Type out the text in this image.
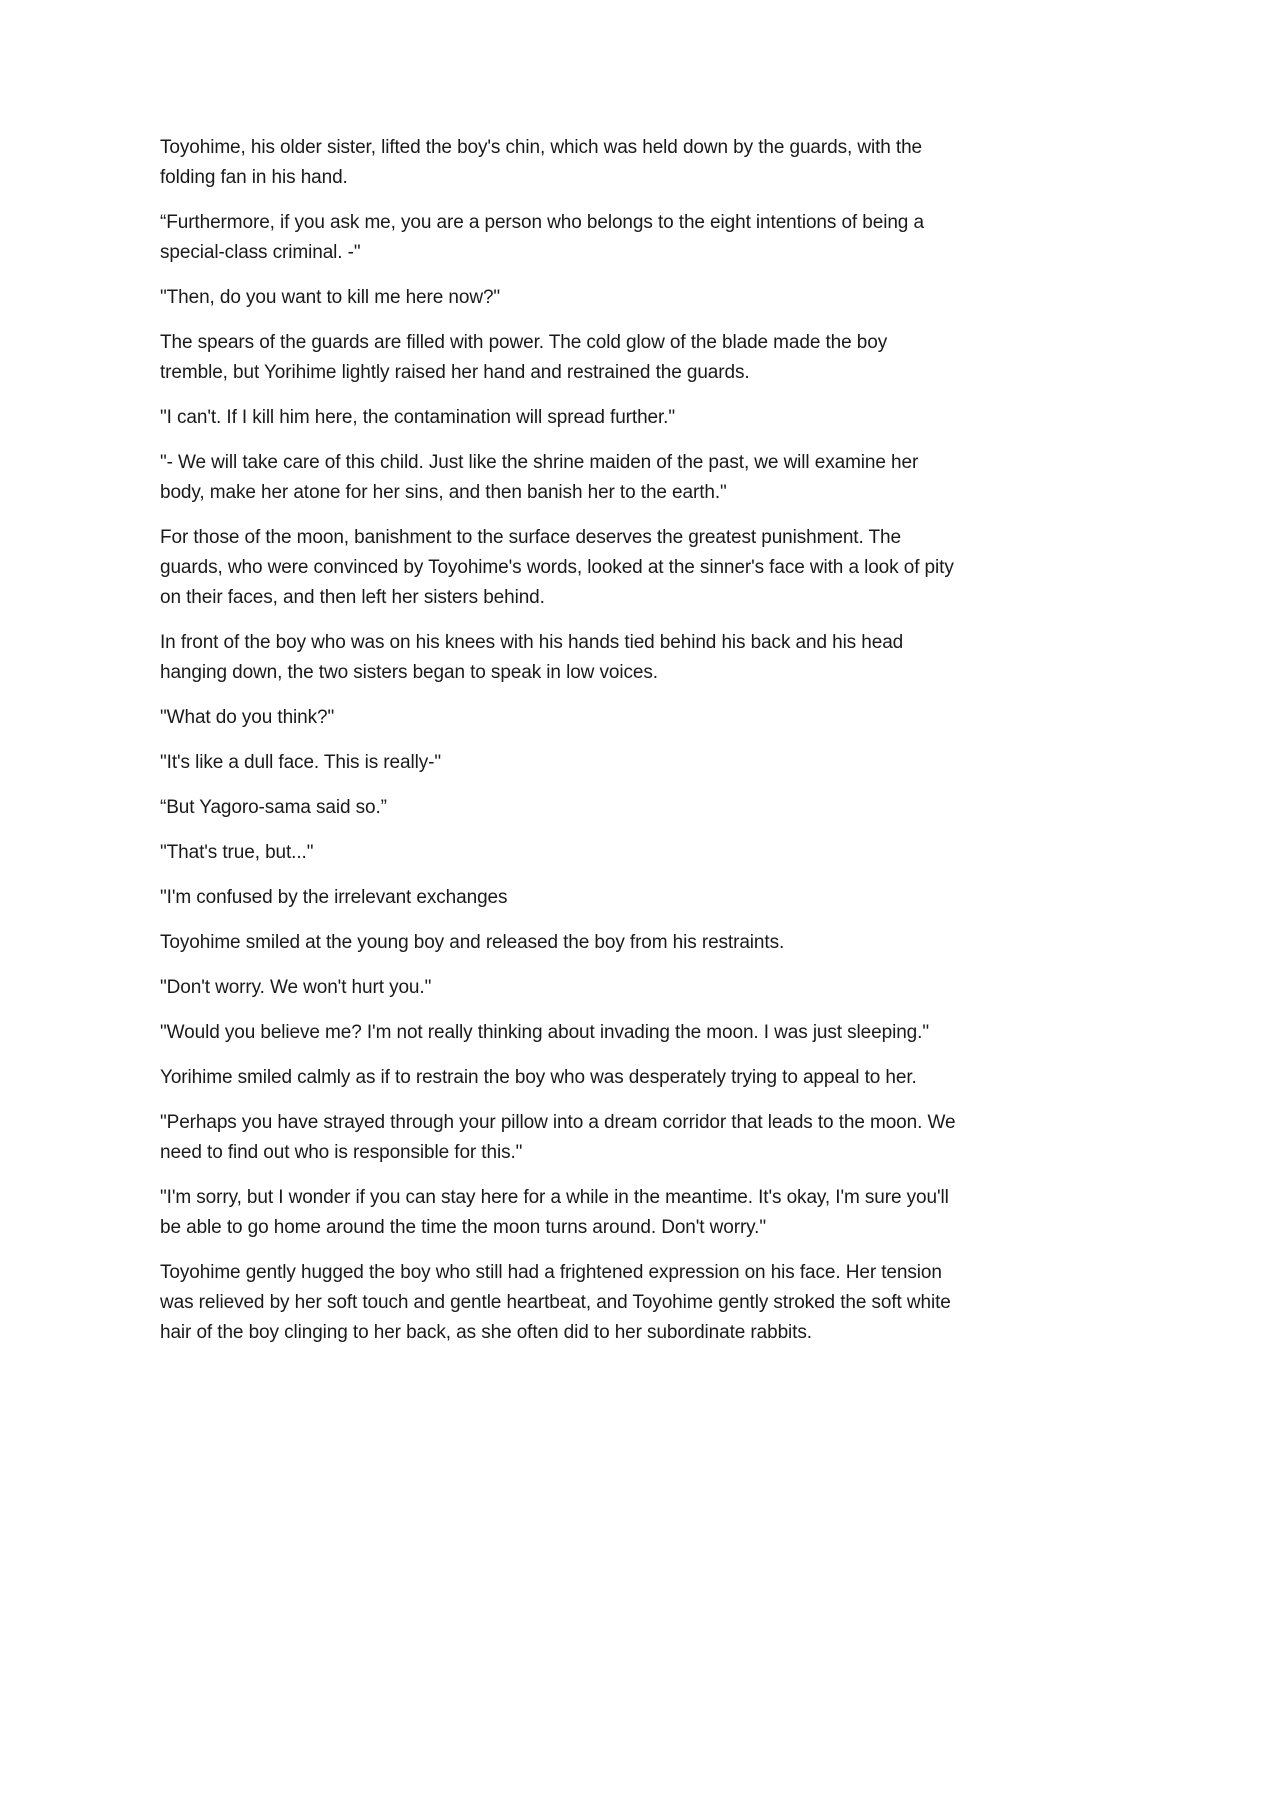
Toyohime, his older sister, lifted the boy's chin, which was held down by the guards, with the folding fan in his hand.

“Furthermore, if you ask me, you are a person who belongs to the eight intentions of being a special-class criminal. -"

"Then, do you want to kill me here now?"

The spears of the guards are filled with power. The cold glow of the blade made the boy tremble, but Yorihime lightly raised her hand and restrained the guards.

"I can't. If I kill him here, the contamination will spread further."

"- We will take care of this child. Just like the shrine maiden of the past, we will examine her body, make her atone for her sins, and then banish her to the earth."

For those of the moon, banishment to the surface deserves the greatest punishment. The guards, who were convinced by Toyohime's words, looked at the sinner's face with a look of pity on their faces, and then left her sisters behind.

In front of the boy who was on his knees with his hands tied behind his back and his head hanging down, the two sisters began to speak in low voices.

"What do you think?"

"It's like a dull face. This is really-"

“But Yagoro-sama said so.”

"That's true, but..."

"I'm confused by the irrelevant exchanges

Toyohime smiled at the young boy and released the boy from his restraints.

"Don't worry. We won't hurt you."

"Would you believe me? I'm not really thinking about invading the moon. I was just sleeping."

Yorihime smiled calmly as if to restrain the boy who was desperately trying to appeal to her.

"Perhaps you have strayed through your pillow into a dream corridor that leads to the moon. We need to find out who is responsible for this."

"I'm sorry, but I wonder if you can stay here for a while in the meantime. It's okay, I'm sure you'll be able to go home around the time the moon turns around. Don't worry."

Toyohime gently hugged the boy who still had a frightened expression on his face. Her tension was relieved by her soft touch and gentle heartbeat, and Toyohime gently stroked the soft white hair of the boy clinging to her back, as she often did to her subordinate rabbits.
